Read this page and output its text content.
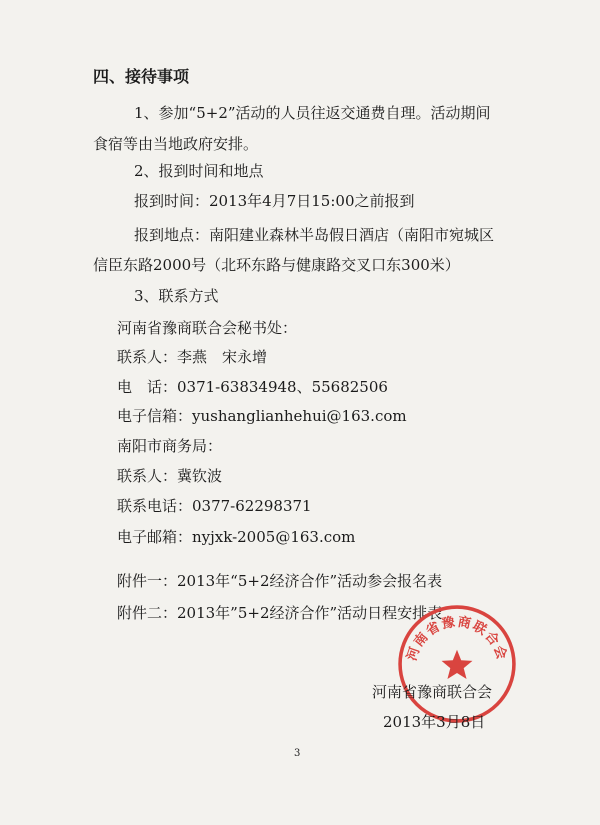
四、接待事项
1、参加“5+2”活动的人员往返交通费自理。活动期间
食宿等由当地政府安排。
2、报到时间和地点
报到时间：2013年4月7日15:00之前报到
报到地点：南阳建业森林半岛假日酒店（南阳市宛城区
信臣东路2000号（北环东路与健康路交叉口东300米）
3、联系方式
河南省豫商联合会秘书处：
联系人：李燕　宋永增
电　话：0371-63834948、55682506
电子信箱：yushanglianhehui@163.com
南阳市商务局：
联系人：冀钦波
联系电话：0377-62298371
电子邮箱：nyjxk-2005@163.com
附件一：2013年“5+2经济合作”活动参会报名表
附件二：2013年”5+2经济合作”活动日程安排表
河南省豫商联合会
河南省豫商联合会
2013年3月8日
3
